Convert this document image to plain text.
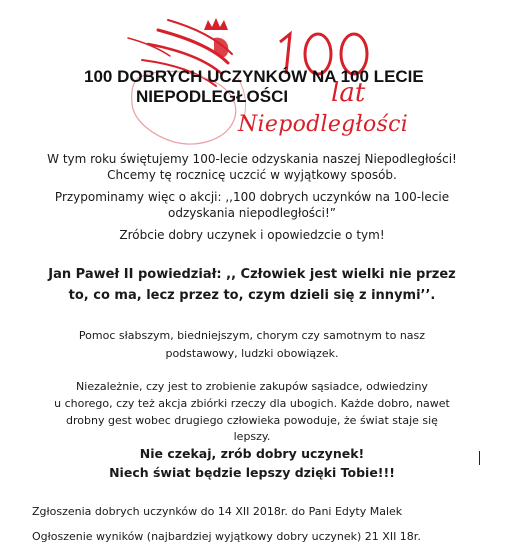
lat
Niepodległości
100 DOBRYCH UCZYNKÓW NA 100 LECIE
NIEPODLEGŁOŚCI
W tym roku świętujemy 100-lecie odzyskania naszej Niepodległości!
Chcemy tę rocznicę uczcić w wyjątkowy sposób.
Przypominamy więc o akcji: ,,100 dobrych uczynków na 100-lecie
odzyskania niepodległości!”
Zróbcie dobry uczynek i opowiedzcie o tym!
Jan Paweł II powiedział: ,, Człowiek jest wielki nie przez
to, co ma, lecz przez to, czym dzieli się z innymi’’.
Pomoc słabszym, biedniejszym, chorym czy samotnym to nasz
podstawowy, ludzki obowiązek.
Niezależnie, czy jest to zrobienie zakupów sąsiadce, odwiedziny
u chorego, czy też akcja zbiórki rzeczy dla ubogich. Każde dobro, nawet
drobny gest wobec drugiego człowieka powoduje, że świat staje się
lepszy.
Nie czekaj, zrób dobry uczynek!
Niech świat będzie lepszy dzięki Tobie!!!
Zgłoszenia dobrych uczynków do 14 XII 2018r. do Pani Edyty Malek
Ogłoszenie wyników (najbardziej wyjątkowy dobry uczynek) 21 XII 18r.
